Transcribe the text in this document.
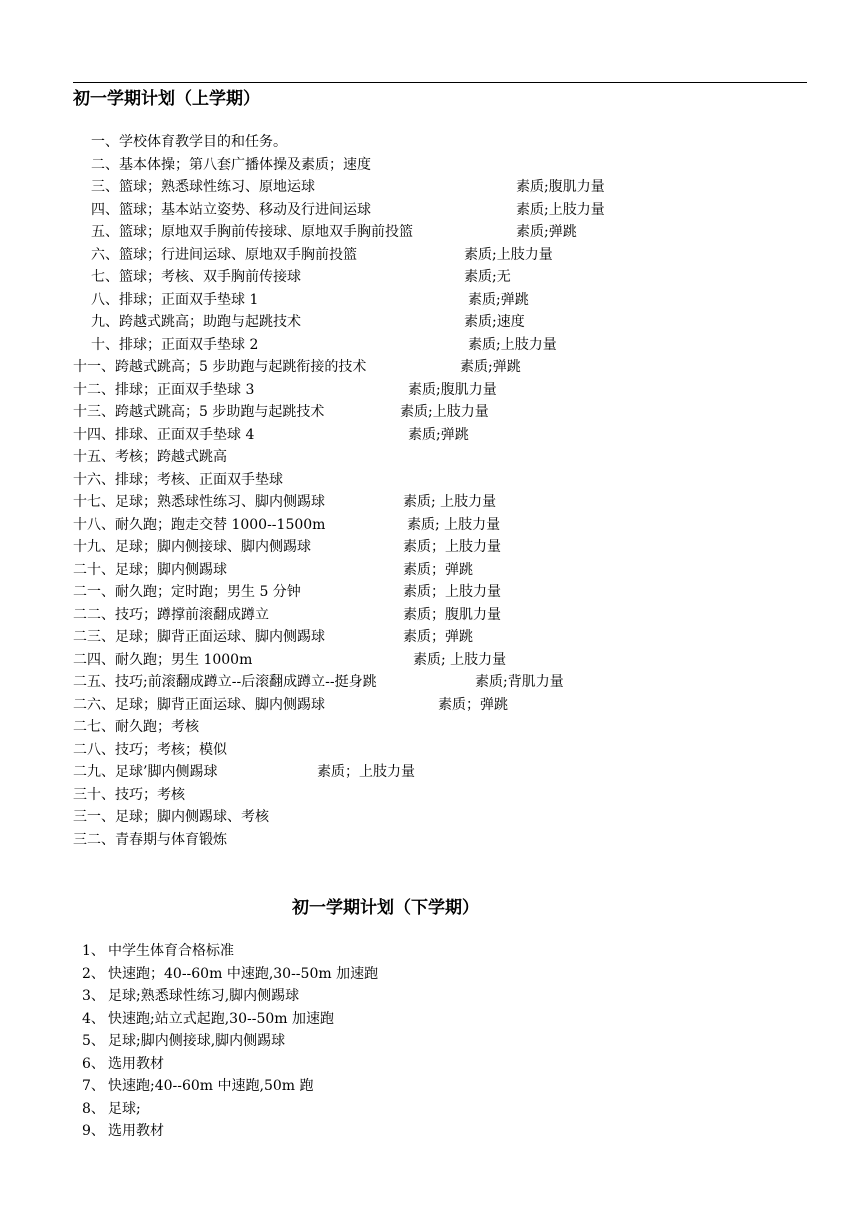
初一学期计划（上学期）
一、 学校体育教学目的和任务。
二、 基本体操；第八套广播体操及素质；速度
三、 篮球；熟悉球性练习、原地运球	素质;腹肌力量
四、 篮球；基本站立姿势、移动及行进间运球	素质;上肢力量
五、 篮球；原地双手胸前传接球、原地双手胸前投篮	素质;弹跳
六、 篮球；行进间运球、原地双手胸前投篮	素质;上肢力量
七、 篮球；考核、双手胸前传接球	素质;无
八、 排球；正面双手垫球 1	素质;弹跳
九、 跨越式跳高；助跑与起跳技术	素质;速度
十、 排球；正面双手垫球 2	素质;上肢力量
十一、 跨越式跳高；5 步助跑与起跳衔接的技术	素质;弹跳
十二、 排球；正面双手垫球 3	素质;腹肌力量
十三、 跨越式跳高；5 步助跑与起跳技术	素质;上肢力量
十四、 排球、正面双手垫球 4	素质;弹跳
十五、 考核；跨越式跳高
十六、 排球；考核、正面双手垫球
十七、 足球；熟悉球性练习、脚内侧踢球	素质; 上肢力量
十八、 耐久跑；跑走交替 1000--1500m	素质; 上肢力量
十九、 足球；脚内侧接球、脚内侧踢球	素质；上肢力量
二十、 足球；脚内侧踢球	素质；弹跳
二一、 耐久跑；定时跑；男生 5 分钟	素质；上肢力量
二二、 技巧；蹲撑前滚翻成蹲立	素质；腹肌力量
二三、 足球；脚背正面运球、脚内侧踢球	素质；弹跳
二四、 耐久跑；男生 1000m	素质; 上肢力量
二五、 技巧;前滚翻成蹲立--后滚翻成蹲立--挺身跳	素质;背肌力量
二六、 足球；脚背正面运球、脚内侧踢球	素质；弹跳
二七、 耐久跑；考核
二八、 技巧；考核；模似
二九、 足球’脚内侧踢球	素质；上肢力量
三十、 技巧；考核
三一、 足球；脚内侧踢球、考核
三二、 青春期与体育锻炼
初一学期计划（下学期）
1、 中学生体育合格标准
2、 快速跑；40--60m 中速跑,30--50m 加速跑
3、 足球;熟悉球性练习,脚内侧踢球
4、 快速跑;站立式起跑,30--50m 加速跑
5、 足球;脚内侧接球,脚内侧踢球
6、 选用教材
7、 快速跑;40--60m 中速跑,50m 跑
8、 足球;
9、 选用教材
